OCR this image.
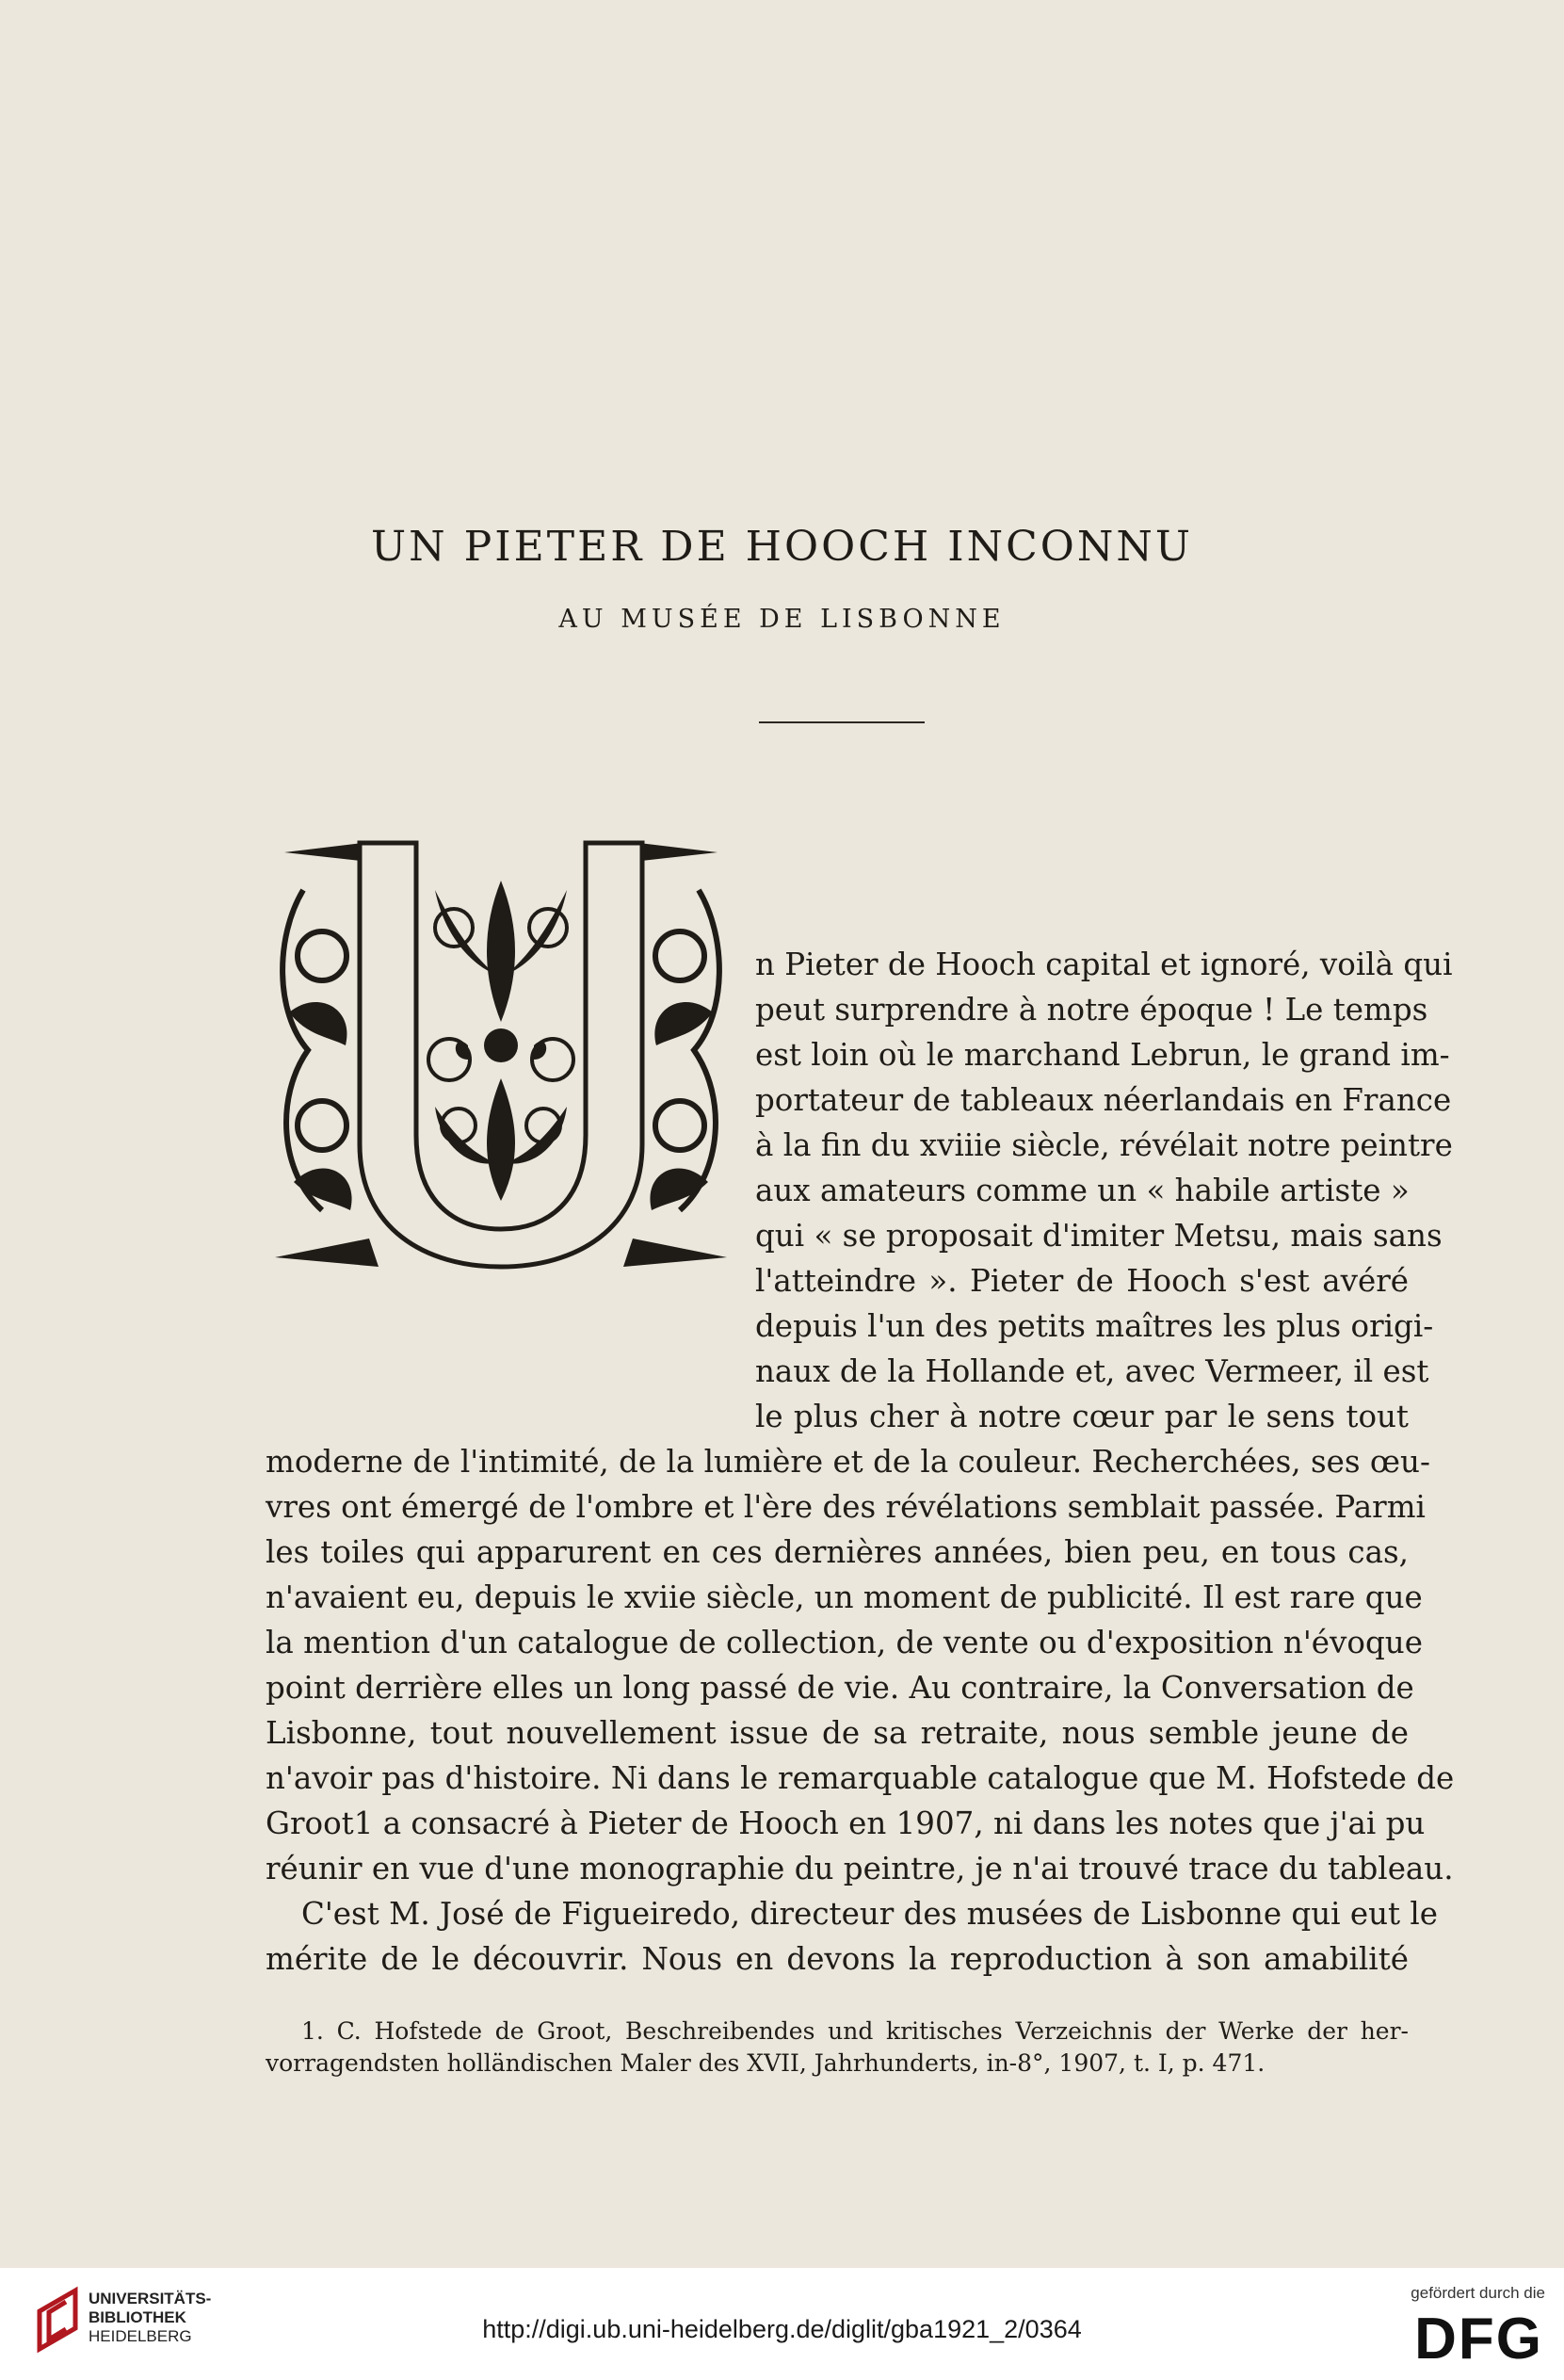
UN PIETER DE HOOCH INCONNU
AU MUSÉE DE LISBONNE

n Pieter de Hooch capital et ignoré, voilà qui

peut surprendre à notre époque ! Le temps

est loin où le marchand Lebrun, le grand im-

portateur de tableaux néerlandais en France

à la fin du xviiie siècle, révélait notre peintre

aux amateurs comme un « habile artiste »

qui « se proposait d'imiter Metsu, mais sans

l'atteindre ». Pieter de Hooch s'est avéré

depuis l'un des petits maîtres les plus origi-

naux de la Hollande et, avec Vermeer, il est

le plus cher à notre cœur par le sens tout

moderne de l'intimité, de la lumière et de la couleur. Recherchées, ses œu-

vres ont émergé de l'ombre et l'ère des révélations semblait passée. Parmi

les toiles qui apparurent en ces dernières années, bien peu, en tous cas,

n'avaient eu, depuis le xviie siècle, un moment de publicité. Il est rare que

la mention d'un catalogue de collection, de vente ou d'exposition n'évoque

point derrière elles un long passé de vie. Au contraire, la Conversation de

Lisbonne, tout nouvellement issue de sa retraite, nous semble jeune de

n'avoir pas d'histoire. Ni dans le remarquable catalogue que M. Hofstede de

Groot1 a consacré à Pieter de Hooch en 1907, ni dans les notes que j'ai pu

réunir en vue d'une monographie du peintre, je n'ai trouvé trace du tableau.

C'est M. José de Figueiredo, directeur des musées de Lisbonne qui eut le

mérite de le découvrir. Nous en devons la reproduction à son amabilité

1. C. Hofstede de Groot, Beschreibendes und kritisches Verzeichnis der Werke der her-

vorragendsten holländischen Maler des XVII, Jahrhunderts, in-8°, 1907, t. I, p. 471.

UNIVERSITÄTS-
BIBLIOTHEK
HEIDELBERG	http://digi.ub.uni-heidelberg.de/diglit/gba1921_2/0364

gefördert durch die

DFG
